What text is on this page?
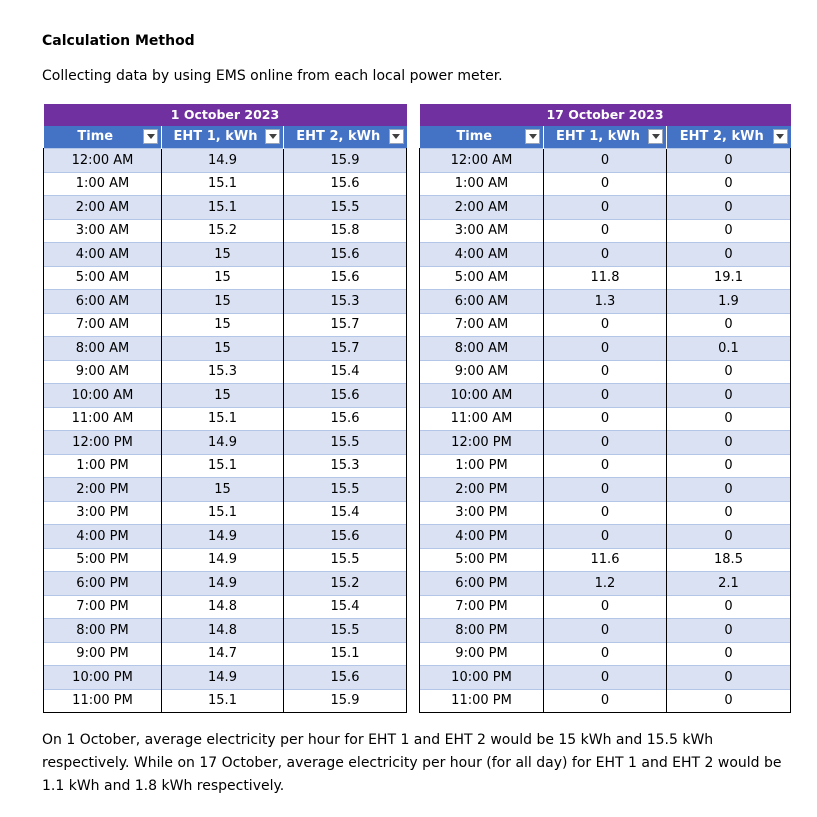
Calculation Method
Collecting data by using EMS online from each local power meter.
1 October 2023		
Time	EHT 1, kWh	EHT 2, kWh

12:00 AM	14.9	15.9
1:00 AM	15.1	15.6
2:00 AM	15.1	15.5
3:00 AM	15.2	15.8
4:00 AM	15	15.6
5:00 AM	15	15.6
6:00 AM	15	15.3
7:00 AM	15	15.7
8:00 AM	15	15.7
9:00 AM	15.3	15.4
10:00 AM	15	15.6
11:00 AM	15.1	15.6
12:00 PM	14.9	15.5
1:00 PM	15.1	15.3
2:00 PM	15	15.5
3:00 PM	15.1	15.4
4:00 PM	14.9	15.6
5:00 PM	14.9	15.5
6:00 PM	14.9	15.2
7:00 PM	14.8	15.4
8:00 PM	14.8	15.5
9:00 PM	14.7	15.1
10:00 PM	14.9	15.6
11:00 PM	15.1	15.9
17 October 2023		
Time	EHT 1, kWh	EHT 2, kWh

12:00 AM	0	0
1:00 AM	0	0
2:00 AM	0	0
3:00 AM	0	0
4:00 AM	0	0
5:00 AM	11.8	19.1
6:00 AM	1.3	1.9
7:00 AM	0	0
8:00 AM	0	0.1
9:00 AM	0	0
10:00 AM	0	0
11:00 AM	0	0
12:00 PM	0	0
1:00 PM	0	0
2:00 PM	0	0
3:00 PM	0	0
4:00 PM	0	0
5:00 PM	11.6	18.5
6:00 PM	1.2	2.1
7:00 PM	0	0
8:00 PM	0	0
9:00 PM	0	0
10:00 PM	0	0
11:00 PM	0	0
On 1 October, average electricity per hour for EHT 1 and EHT 2 would be 15 kWh and 15.5 kWh respectively. While on 17 October, average electricity per hour (for all day) for EHT 1 and EHT 2 would be 1.1 kWh and 1.8 kWh respectively.
